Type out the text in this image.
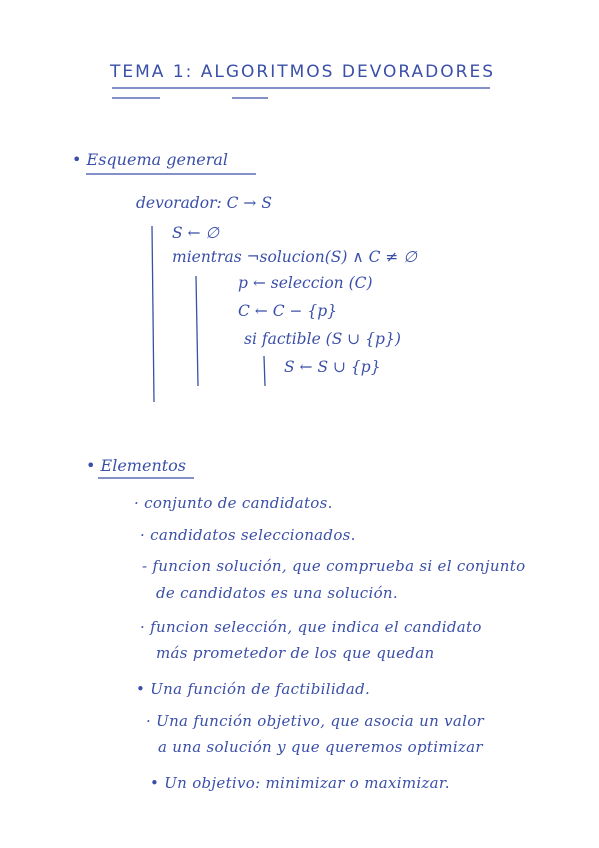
TEMA 1: ALGORITMOS DEVORADORES
• Esquema general
devorador: C → S
S ← ∅
mientras ¬solucion(S) ∧ C ≠ ∅
p ← seleccion (C)
C ← C − {p}
si factible (S ∪ {p})
S ← S ∪ {p}
• Elementos
· conjunto de candidatos.
· candidatos seleccionados.
- funcion solución, que comprueba si el conjunto
de candidatos es una solución.
· funcion selección, que indica el candidato
más prometedor de los que quedan
• Una función de factibilidad.
· Una función objetivo, que asocia un valor
a una solución y que queremos optimizar
• Un objetivo: minimizar o maximizar.
